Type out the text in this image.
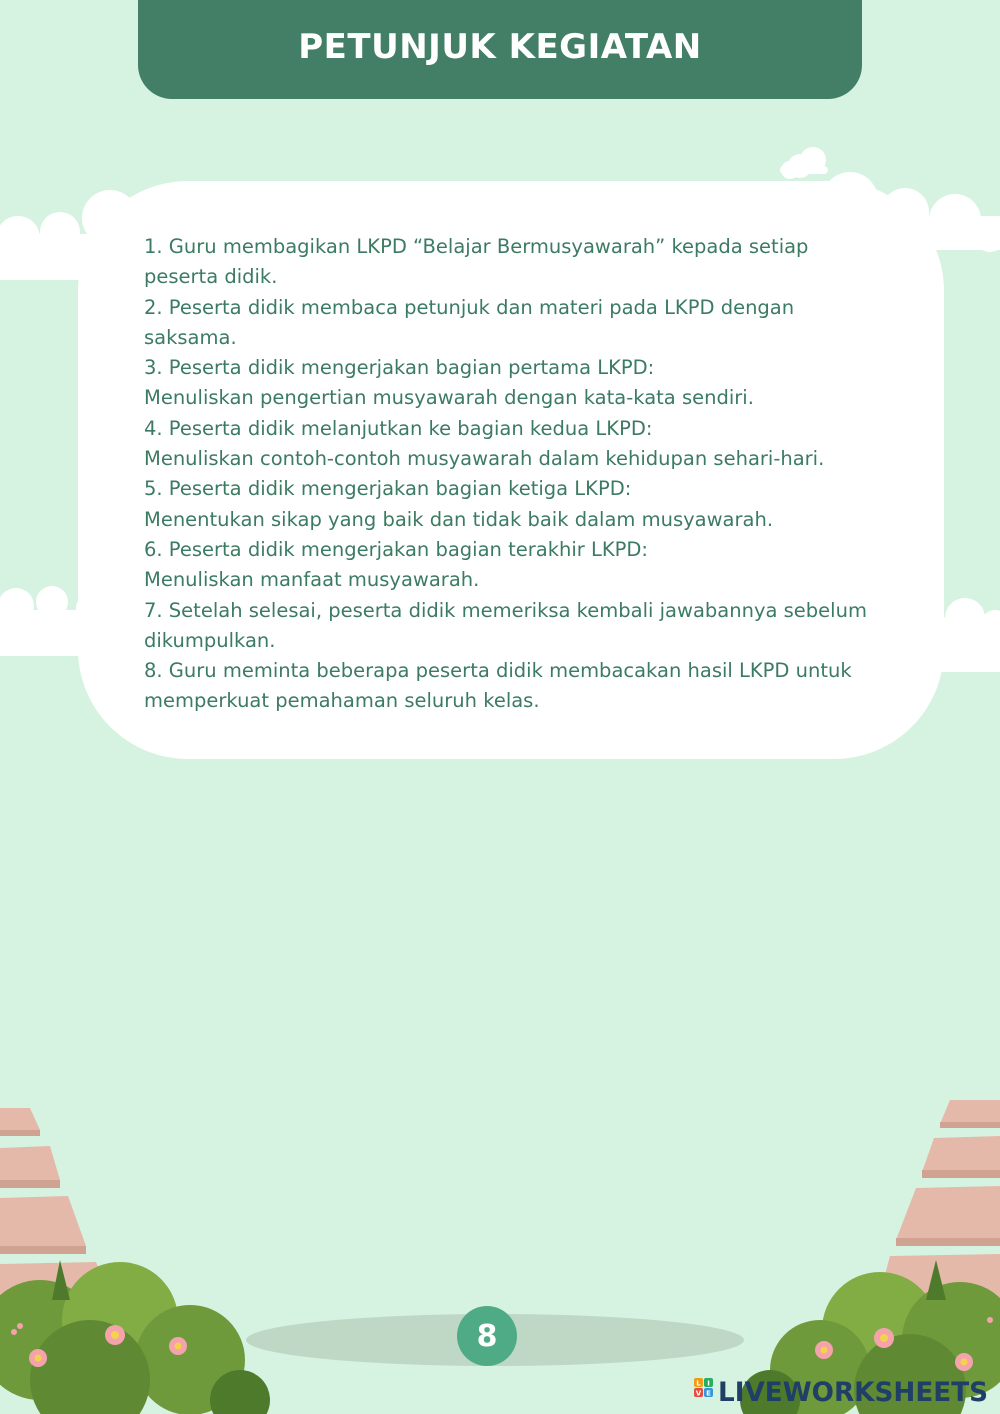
PETUNJUK KEGIATAN
1. Guru membagikan LKPD “Belajar Bermusyawarah” kepada setiap
peserta didik.
2. Peserta didik membaca petunjuk dan materi pada LKPD dengan
saksama.
3. Peserta didik mengerjakan bagian pertama LKPD:
Menuliskan pengertian musyawarah dengan kata-kata sendiri.
4. Peserta didik melanjutkan ke bagian kedua LKPD:
Menuliskan contoh-contoh musyawarah dalam kehidupan sehari-hari.
5. Peserta didik mengerjakan bagian ketiga LKPD:
Menentukan sikap yang baik dan tidak baik dalam musyawarah.
6. Peserta didik mengerjakan bagian terakhir LKPD:
Menuliskan manfaat musyawarah.
7. Setelah selesai, peserta didik memeriksa kembali jawabannya sebelum
dikumpulkan.
8. Guru meminta beberapa peserta didik membacakan hasil LKPD untuk
memperkuat pemahaman seluruh kelas.
8
L I
V E LIVEWORKSHEETS
